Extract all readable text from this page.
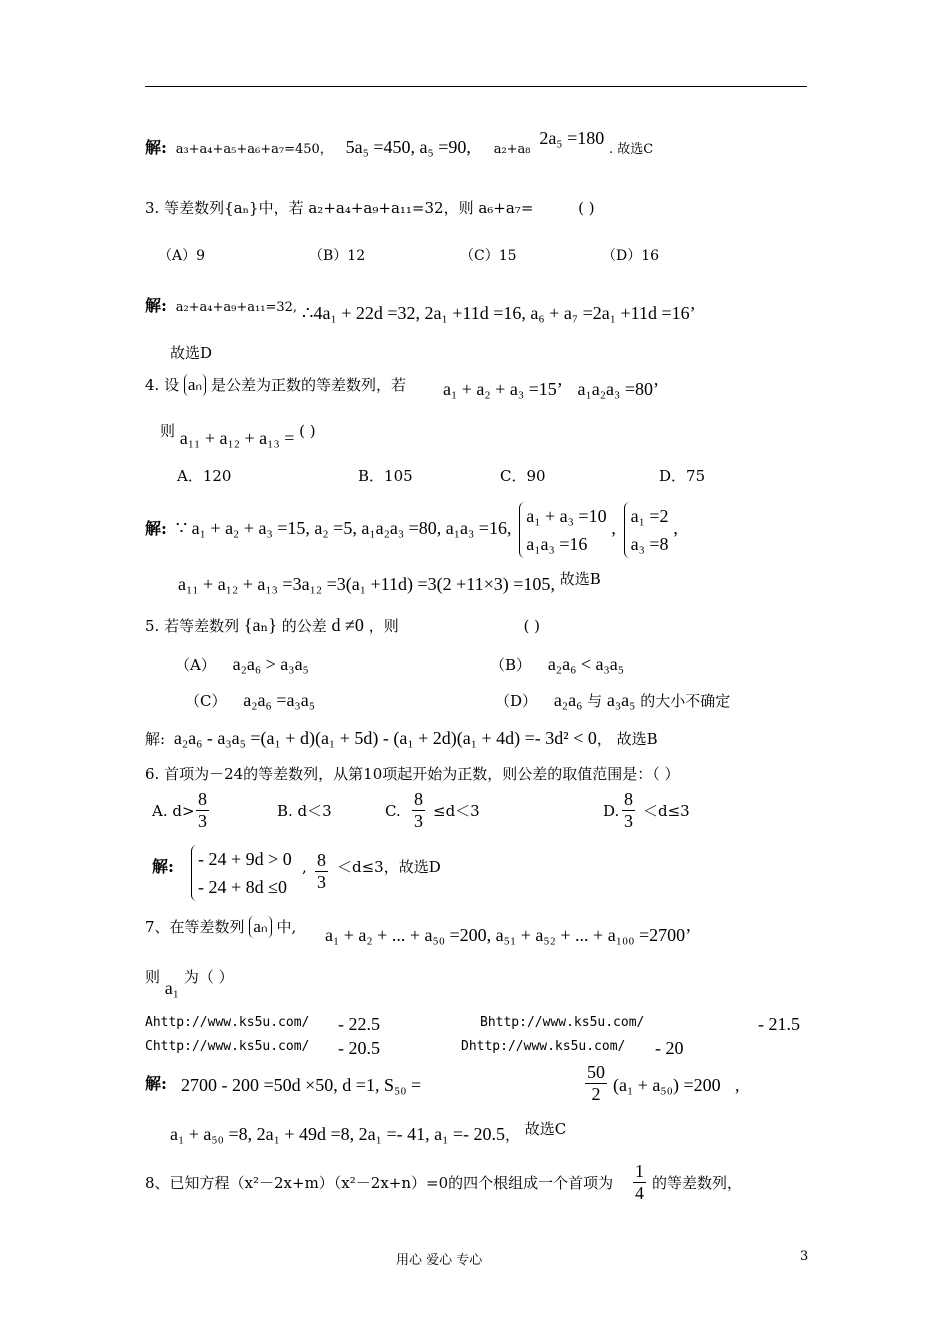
解: a₃+a₄+a₅+a₆+a₇=450， 5a₅ =450, a₅ =90, a₂+a₈ 2a₅ =180 . 故选C
3. 等差数列{aₙ}中，若 a₂+a₄+a₉+a₁₁=32，则 a₆+a₇=	( )
（A）9	（B）12	（C）15	（D）16
解: a₂+a₄+a₉+a₁₁=32, ∴4a₁ + 22d =32, 2a₁ +11d =16, a₆ + a₇ =2a₁ +11d =16’
故选D
4. 设 aₙ 是公差为正数的等差数列，若 a₁ + a₂ + a₃ =15’ a₁a₂a₃ =80’
则 a₁₁ + a₁₂ + a₁₃ = ( )
A．120	B．105	C．90	D．75
解: ∵ a₁ + a₂ + a₃ =15, a₂ =5, a₁a₂a₃ =80, a₁a₃ =16,
a₁ + a₃ =10
a₁a₃ =16
,
a₁ =2
a₃ =8
,
a₁₁ + a₁₂ + a₁₃ =3a₁₂ =3(a₁ +11d) =3(2 +11×3) =105, 故选B
5. 若等差数列 {aₙ} 的公差 d ≠0 ，则	( )
（A） a₂a₆ > a₃a₅	（B） a₂a₆ < a₃a₅
（C） a₂a₆ =a₃a₅	（D） a₂a₆ 与 a₃a₅ 的大小不确定
解: a₂a₆ - a₃a₅ =(a₁ + d)(a₁ + 5d) - (a₁ + 2d)(a₁ + 4d) =- 3d² < 0， 故选B
6. 首项为－24的等差数列，从第10项起开始为正数，则公差的取值范围是：（ ）
A. $d> \frac{8}{3}$	B. d＜3	C. $\frac{8}{3} \le d<3$	D. $\frac{8}{3} <d\le 3$
解: - 24 + 9d > 0
- 24 + 8d ≤0
, $\frac{8}{3} <d\le 3$，故选D
7、在等差数列 aₙ 中, a₁ + a₂ + ... + a₅₀ =200, a₅₁ + a₅₂ + ... + a₁₀₀ =2700’
则 a₁ 为（ ）
Ahttp://www.ks5u.com/ - 22.5	Bhttp://www.ks5u.com/	- 21.5
Chttp://www.ks5u.com/ - 20.5	Dhttp://www.ks5u.com/ - 20
解: 2700 - 200 =50d ×50, d =1, S₅₀ =	$\frac{50}{2} (a_1 + a_{50}) =200$ ,
a₁ + a₅₀ =8, 2a₁ + 49d =8, 2a₁ =- 41, a₁ =- 20.5， 故选C
8、已知方程（x²－2x+m）（x²－2x+n）=0的四个根组成一个首项为 $\frac{1}{4}$ 的等差数列，
用心 爱心 专心	3
